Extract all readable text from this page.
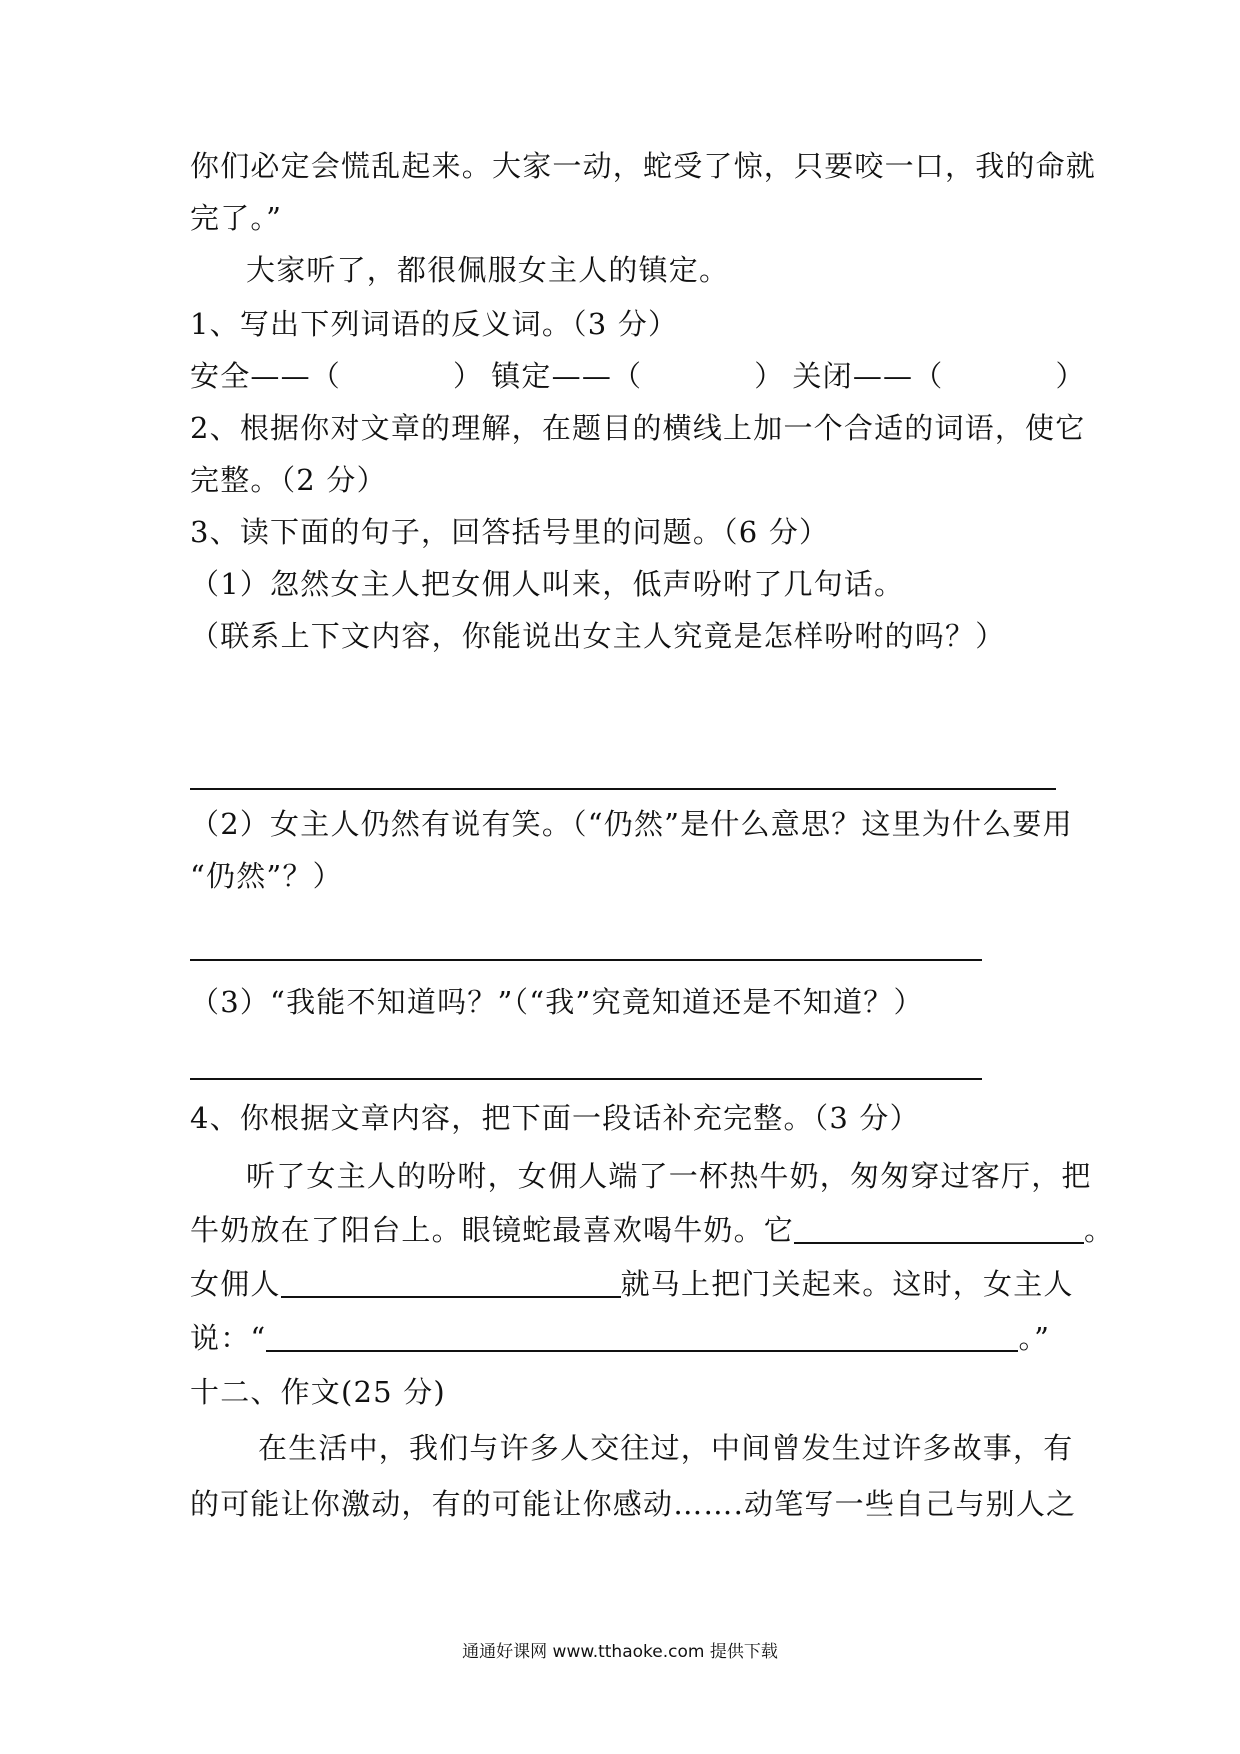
你们必定会慌乱起来。大家一动，蛇受了惊，只要咬一口，我的命就
完了。”
大家听了，都很佩服女主人的镇定。
1、写出下列词语的反义词。（3 分）
安全——（	） 镇定——（	） 关闭——（	）
2、根据你对文章的理解，在题目的横线上加一个合适的词语，使它
完整。（2 分）
3、读下面的句子，回答括号里的问题。（6 分）
（1）忽然女主人把女佣人叫来，低声吩咐了几句话。
（联系上下文内容，你能说出女主人究竟是怎样吩咐的吗？）
（2）女主人仍然有说有笑。（“仍然”是什么意思？这里为什么要用
“仍然”？）
（3）“我能不知道吗？”（“我”究竟知道还是不知道？）
4、你根据文章内容，把下面一段话补充完整。（3 分）
听了女主人的吩咐，女佣人端了一杯热牛奶，匆匆穿过客厅，把
牛奶放在了阳台上。眼镜蛇最喜欢喝牛奶。它	。
女佣人	就马上把门关起来。这时，女主人
说：“	。”
十二、作文(25 分)
在生活中，我们与许多人交往过，中间曾发生过许多故事，有
的可能让你激动，有的可能让你感动…….动笔写一些自己与别人之
通通好课网 www.tthaoke.com 提供下载
